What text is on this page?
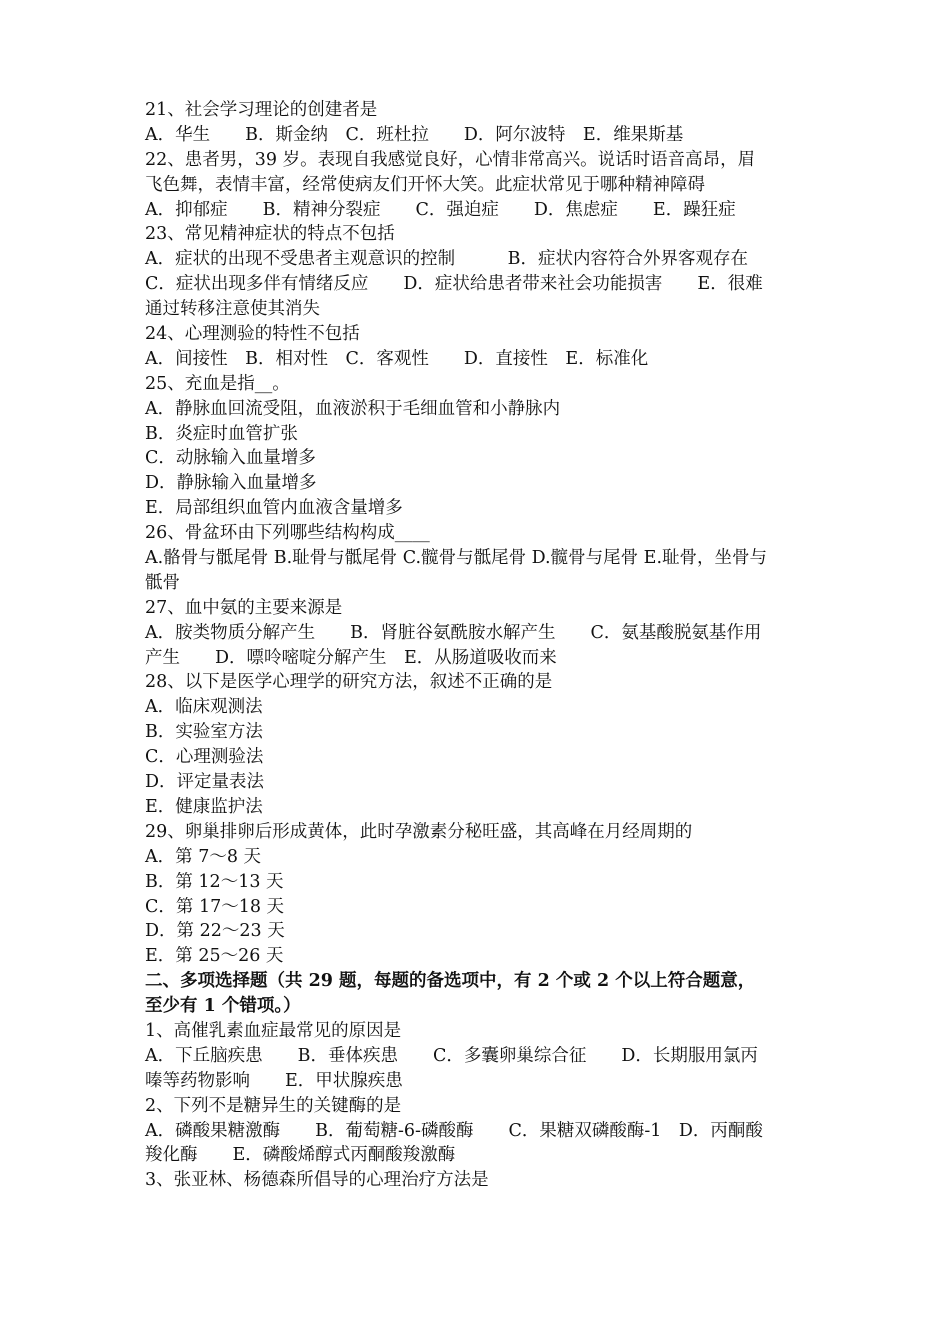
21、社会学习理论的创建者是
A．华生　　B．斯金纳　C．班杜拉　　D．阿尔波特　E．维果斯基
22、患者男，39 岁。表现自我感觉良好，心情非常高兴。说话时语音高昂，眉
飞色舞，表情丰富，经常使病友们开怀大笑。此症状常见于哪种精神障碍
A．抑郁症　　B．精神分裂症　　C．强迫症　　D．焦虑症　　E．躁狂症
23、常见精神症状的特点不包括
A．症状的出现不受患者主观意识的控制　　　B．症状内容符合外界客观存在
C．症状出现多伴有情绪反应　　D．症状给患者带来社会功能损害　　E．很难
通过转移注意使其消失
24、心理测验的特性不包括
A．间接性　B．相对性　C．客观性　　D．直接性　E．标准化
25、充血是指__。
A．静脉血回流受阻，血液淤积于毛细血管和小静脉内
B．炎症时血管扩张
C．动脉输入血量增多
D．静脉输入血量增多
E．局部组织血管内血液含量增多
26、骨盆环由下列哪些结构构成____
A.骼骨与骶尾骨 B.耻骨与骶尾骨 C.髋骨与骶尾骨 D.髋骨与尾骨 E.耻骨，坐骨与
骶骨
27、血中氨的主要来源是
A．胺类物质分解产生　　B．肾脏谷氨酰胺水解产生　　C．氨基酸脱氨基作用
产生　　D．嘌呤嘧啶分解产生　E．从肠道吸收而来
28、以下是医学心理学的研究方法，叙述不正确的是
A．临床观测法
B．实验室方法
C．心理测验法
D．评定量表法
E．健康监护法
29、卵巢排卵后形成黄体，此时孕激素分秘旺盛，其高峰在月经周期的
A．第 7～8 天
B．第 12～13 天
C．第 17～18 天
D．第 22～23 天
E．第 25～26 天
二、多项选择题（共 29 题，每题的备选项中，有 2 个或 2 个以上符合题意，
至少有 1 个错项。）
1、高催乳素血症最常见的原因是
A．下丘脑疾患　　B．垂体疾患　　C．多囊卵巢综合征　　D．长期服用氯丙
嗪等药物影响　　E．甲状腺疾患
2、下列不是糖异生的关键酶的是
A．磷酸果糖激酶　　B．葡萄糖-6-磷酸酶　　C．果糖双磷酸酶-1　D．丙酮酸
羧化酶　　E．磷酸烯醇式丙酮酸羧激酶
3、张亚林、杨德森所倡导的心理治疗方法是
